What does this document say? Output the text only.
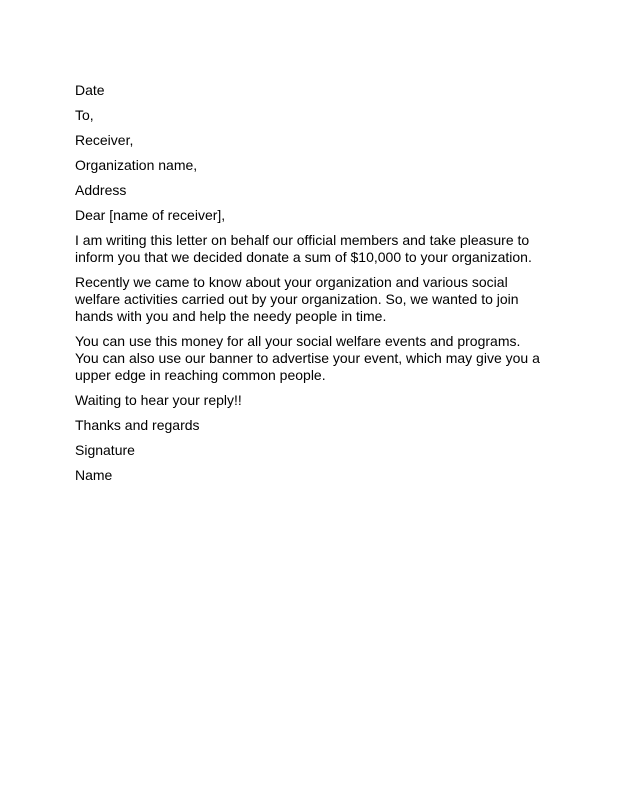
Date
To,
Receiver,
Organization name,
Address
Dear [name of receiver],
I am writing this letter on behalf our official members and take pleasure to
inform you that we decided donate a sum of $10,000 to your organization.
Recently we came to know about your organization and various social
welfare activities carried out by your organization. So, we wanted to join
hands with you and help the needy people in time.
You can use this money for all your social welfare events and programs.
You can also use our banner to advertise your event, which may give you a
upper edge in reaching common people.
Waiting to hear your reply!!
Thanks and regards
Signature
Name
